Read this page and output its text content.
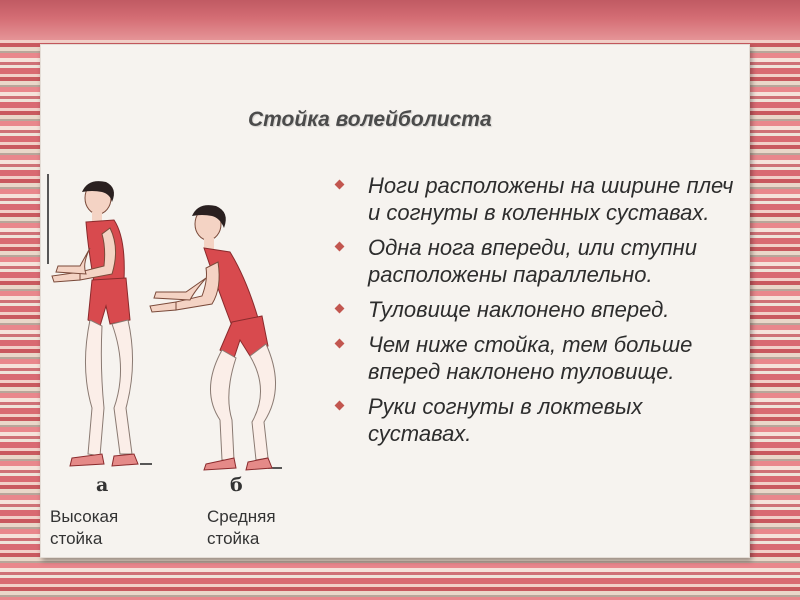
Стойка волейболиста
Ноги расположены на ширине плеч и согнуты в коленных суставах.
Одна нога впереди, или ступни расположены параллельно.
Туловище наклонено вперед.
Чем ниже стойка, тем больше вперед наклонено туловище.
Руки согнуты в локтевых суставах.
а	б
Высокая
стойка
Средняя
стойка
